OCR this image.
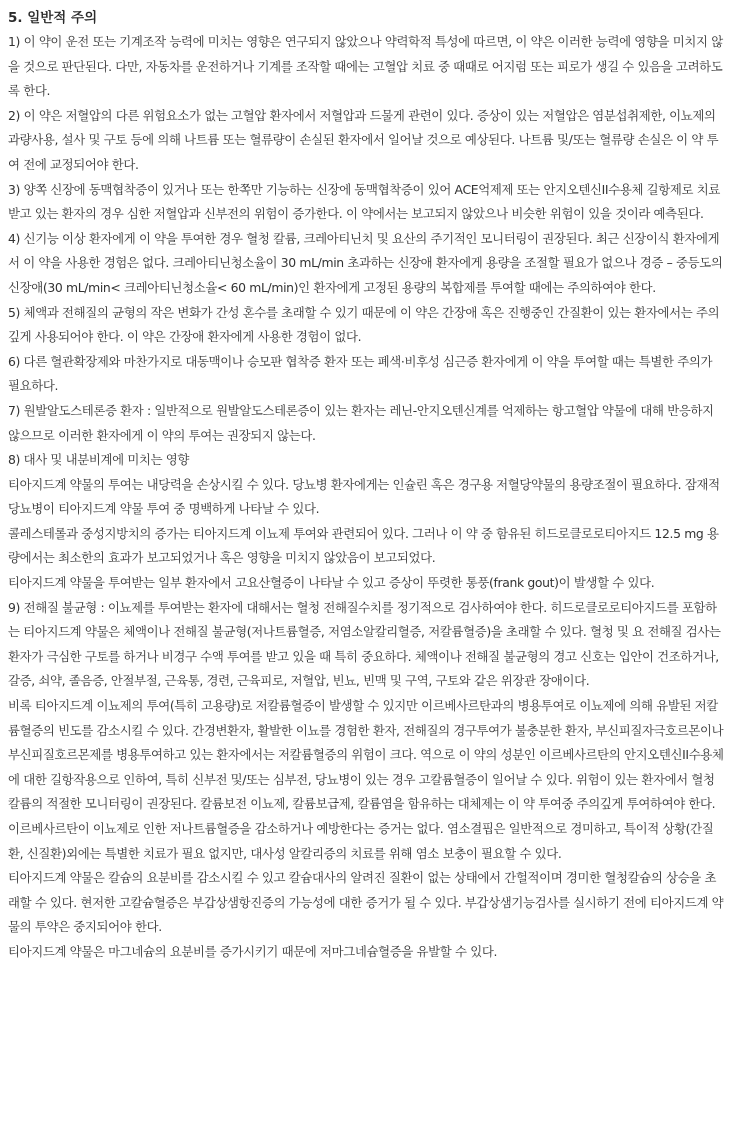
5. 일반적 주의

1) 이 약이 운전 또는 기계조작 능력에 미치는 영향은 연구되지 않았으나 약력학적 특성에 따르면, 이 약은 이러한 능력에 영향을 미치지 않을 것으로 판단된다. 다만, 자동차를 운전하거나 기계를 조작할 때에는 고혈압 치료 중 때때로 어지럼 또는 피로가 생길 수 있음을 고려하도록 한다.

2) 이 약은 저혈압의 다른 위험요소가 없는 고혈압 환자에서 저혈압과 드물게 관련이 있다. 증상이 있는 저혈압은 염분섭취제한, 이뇨제의 과량사용, 설사 및 구토 등에 의해 나트륨 또는 혈류량이 손실된 환자에서 일어날 것으로 예상된다. 나트륨 및/또는 혈류량 손실은 이 약 투여 전에 교정되어야 한다.

3) 양쪽 신장에 동맥협착증이 있거나 또는 한쪽만 기능하는 신장에 동맥협착증이 있어 ACE억제제 또는 안지오텐신II수용체 길항제로 치료받고 있는 환자의 경우 심한 저혈압과 신부전의 위험이 증가한다. 이 약에서는 보고되지 않았으나 비슷한 위험이 있을 것이라 예측된다.

4) 신기능 이상 환자에게 이 약을 투여한 경우 혈청 칼륨, 크레아티닌치 및 요산의 주기적인 모니터링이 권장된다. 최근 신장이식 환자에게서 이 약을 사용한 경험은 없다. 크레아티닌청소율이 30 mL/min 초과하는 신장애 환자에게 용량을 조절할 필요가 없으나 경증 – 중등도의 신장애(30 mL/min< 크레아티닌청소율< 60 mL/min)인 환자에게 고정된 용량의 복합제를 투여할 때에는 주의하여야 한다.

5) 체액과 전해질의 균형의 작은 변화가 간성 혼수를 초래할 수 있기 때문에 이 약은 간장애 혹은 진행중인 간질환이 있는 환자에서는 주의 깊게 사용되어야 한다. 이 약은 간장애 환자에게 사용한 경험이 없다.

6) 다른 혈관확장제와 마찬가지로 대동맥이나 승모판 협착증 환자 또는 폐색·비후성 심근증 환자에게 이 약을 투여할 때는 특별한 주의가 필요하다.

7) 원발알도스테론증 환자 : 일반적으로 원발알도스테론증이 있는 환자는 레닌-안지오텐신계를 억제하는 항고혈압 약물에 대해 반응하지 않으므로 이러한 환자에게 이 약의 투여는 권장되지 않는다.

8) 대사 및 내분비계에 미치는 영향

티아지드계 약물의 투여는 내당력을 손상시킬 수 있다. 당뇨병 환자에게는 인슐린 혹은 경구용 저혈당약물의 용량조절이 필요하다. 잠재적 당뇨병이 티아지드계 약물 투여 중 명백하게 나타날 수 있다.

콜레스테롤과 중성지방치의 증가는 티아지드계 이뇨제 투여와 관련되어 있다. 그러나 이 약 중 함유된 히드로클로로티아지드 12.5 mg 용량에서는 최소한의 효과가 보고되었거나 혹은 영향을 미치지 않았음이 보고되었다.

티아지드계 약물을 투여받는 일부 환자에서 고요산혈증이 나타날 수 있고 증상이 뚜렷한 통풍(frank gout)이 발생할 수 있다.

9) 전해질 불균형 : 이뇨제를 투여받는 환자에 대해서는 혈청 전해질수치를 정기적으로 검사하여야 한다. 히드로클로로티아지드를 포함하는 티아지드계 약물은 체액이나 전해질 불균형(저나트륨혈증, 저염소알칼리혈증, 저칼륨혈증)을 초래할 수 있다. 혈청 및 요 전해질 검사는 환자가 극심한 구토를 하거나 비경구 수액 투여를 받고 있을 때 특히 중요하다. 체액이나 전해질 불균형의 경고 신호는 입안이 건조하거나, 갈증, 쇠약, 졸음증, 안절부절, 근육통, 경련, 근육피로, 저혈압, 빈뇨, 빈맥 및 구역, 구토와 같은 위장관 장애이다.

비록 티아지드계 이뇨제의 투여(특히 고용량)로 저칼륨혈증이 발생할 수 있지만 이르베사르탄과의 병용투여로 이뇨제에 의해 유발된 저칼륨혈증의 빈도를 감소시킬 수 있다. 간경변환자, 활발한 이뇨를 경험한 환자, 전해질의 경구투여가 불충분한 환자, 부신피질자극호르몬이나 부신피질호르몬제를 병용투여하고 있는 환자에서는 저칼륨혈증의 위험이 크다. 역으로 이 약의 성분인 이르베사르탄의 안지오텐신II수용체에 대한 길항작용으로 인하여, 특히 신부전 및/또는 심부전, 당뇨병이 있는 경우 고칼륨혈증이 일어날 수 있다. 위험이 있는 환자에서 혈청 칼륨의 적절한 모니터링이 권장된다. 칼륨보전 이뇨제, 칼륨보급제, 칼륨염을 함유하는 대체제는 이 약 투여중 주의깊게 투여하여야 한다.

이르베사르탄이 이뇨제로 인한 저나트륨혈증을 감소하거나 예방한다는 증거는 없다. 염소결핍은 일반적으로 경미하고, 특이적 상황(간질환, 신질환)외에는 특별한 치료가 필요 없지만, 대사성 알칼리증의 치료를 위해 염소 보충이 필요할 수 있다.

티아지드계 약물은 칼슘의 요분비를 감소시킬 수 있고 칼슘대사의 알려진 질환이 없는 상태에서 간헐적이며 경미한 혈청칼슘의 상승을 초래할 수 있다. 현저한 고칼슘혈증은 부갑상샘항진증의 가능성에 대한 증거가 될 수 있다. 부갑상샘기능검사를 실시하기 전에 티아지드계 약물의 투약은 중지되어야 한다.

티아지드계 약물은 마그네슘의 요분비를 증가시키기 때문에 저마그네슘혈증을 유발할 수 있다.
